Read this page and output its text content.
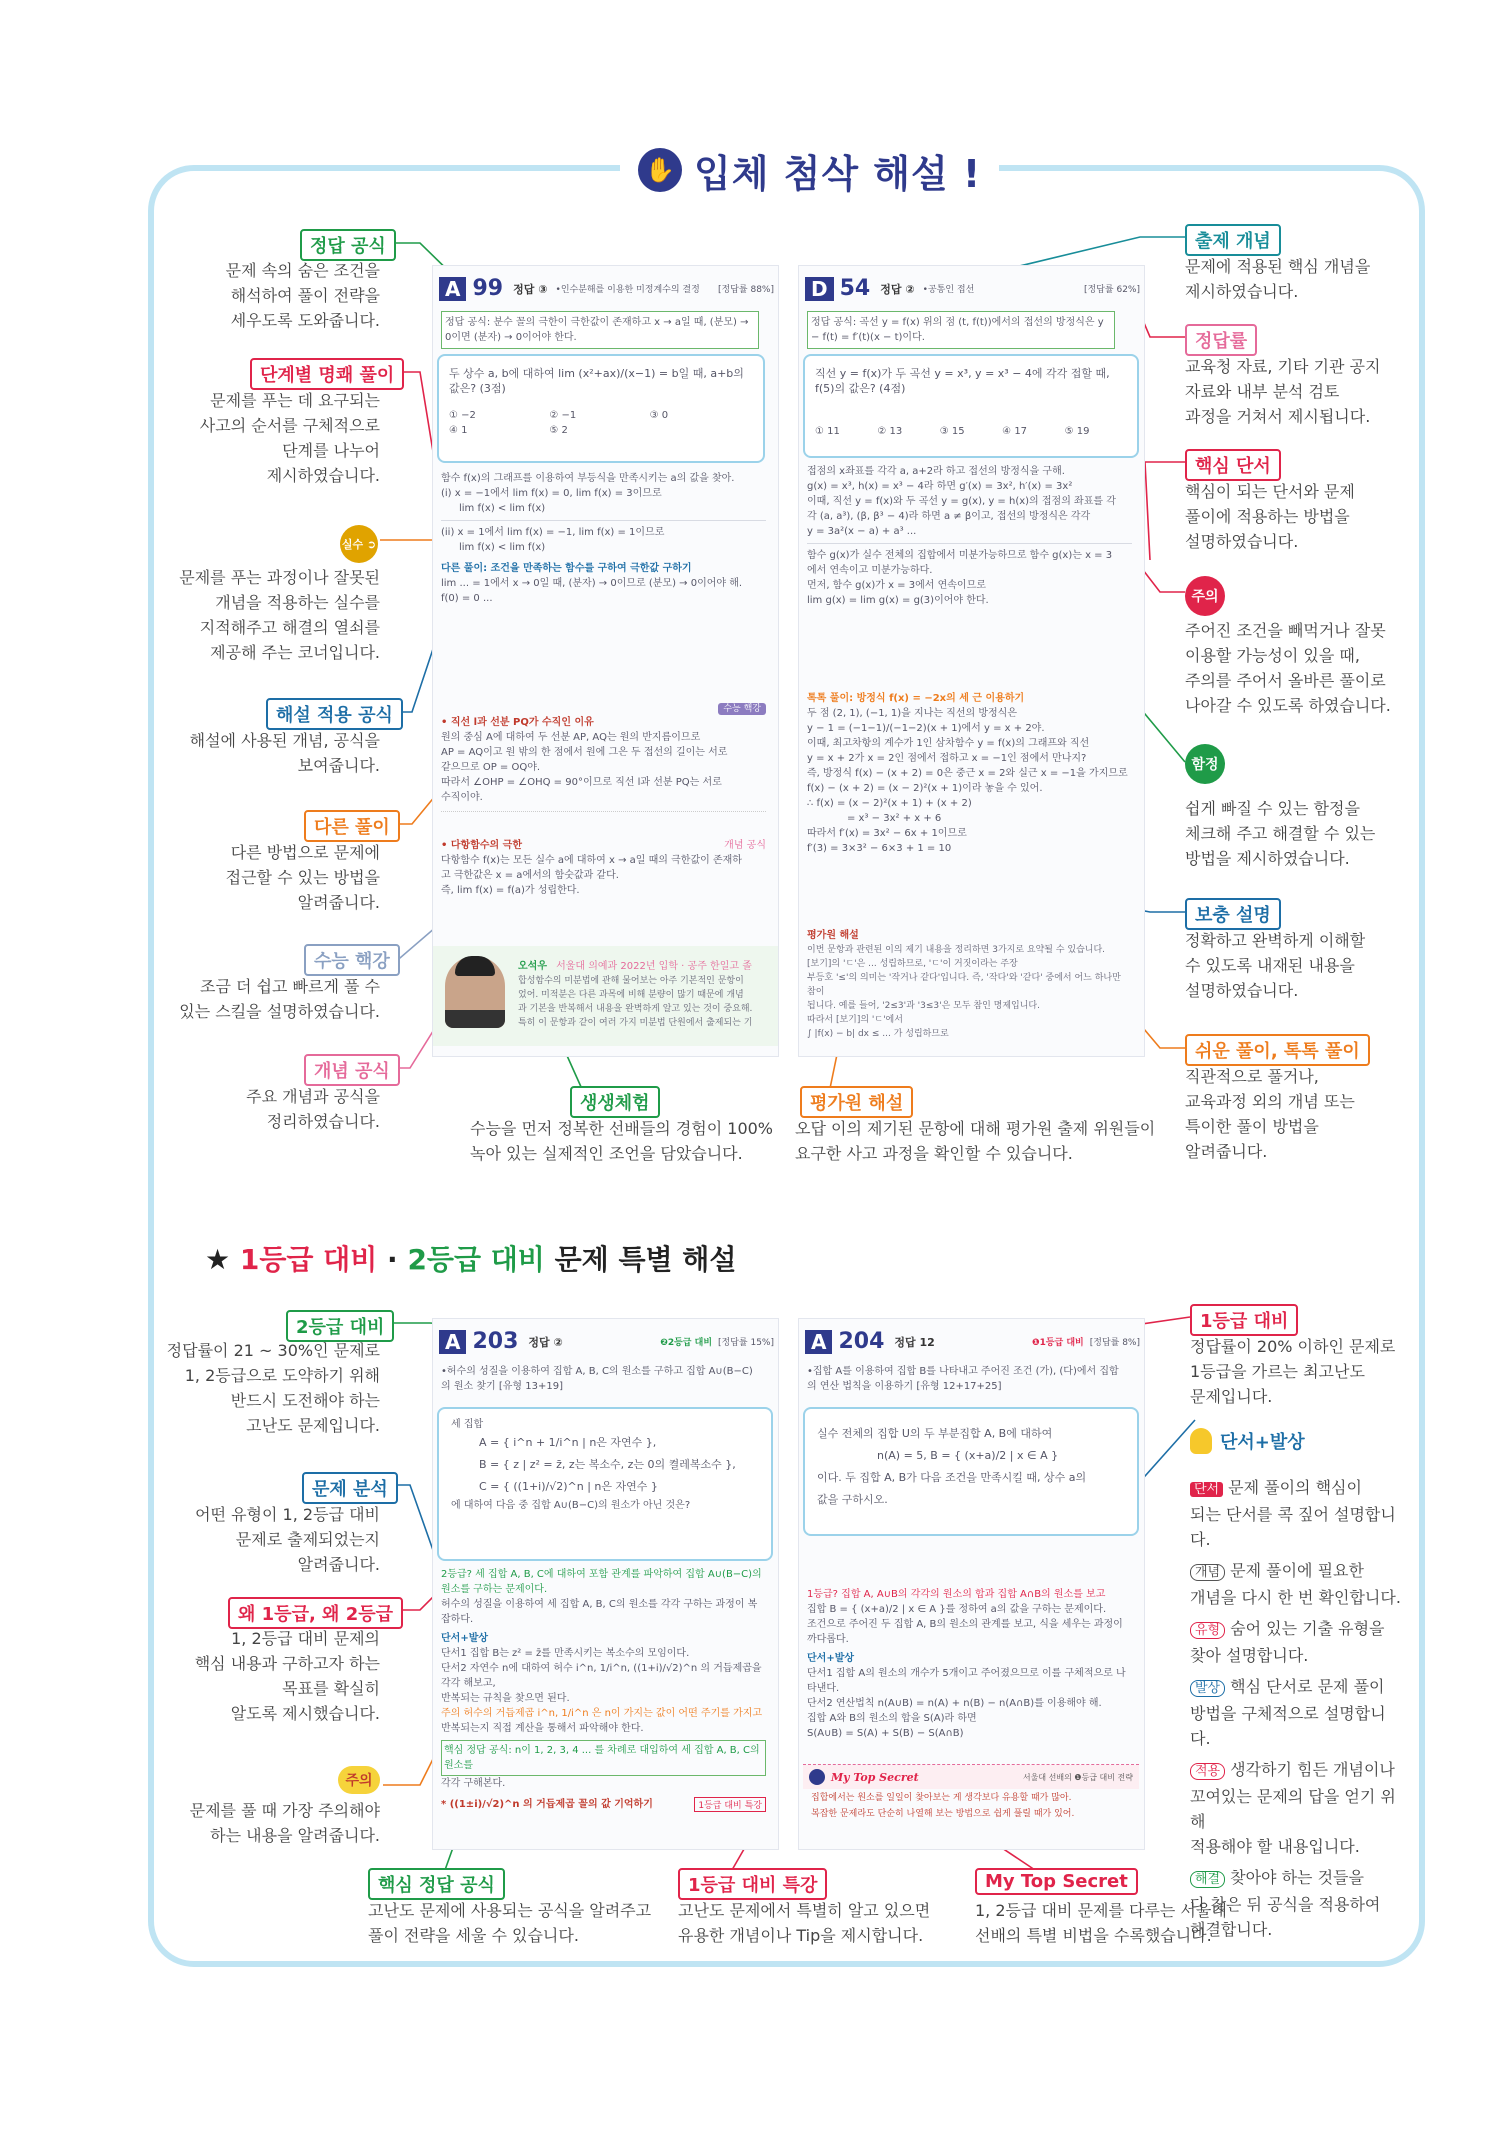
✋ 입체 첨삭 해설 !
정답 공식
문제 속의 숨은 조건을
해석하여 풀이 전략을
세우도록 도와줍니다.
단계별 명쾌 풀이
문제를 푸는 데 요구되는
사고의 순서를 구체적으로
단계를 나누어
제시하였습니다.
실수 ➲
문제를 푸는 과정이나 잘못된
개념을 적용하는 실수를
지적해주고 해결의 열쇠를
제공해 주는 코너입니다.
해설 적용 공식
해설에 사용된 개념, 공식을
보여줍니다.
다른 풀이
다른 방법으로 문제에
접근할 수 있는 방법을
알려줍니다.
수능 핵강
조금 더 쉽고 빠르게 풀 수
있는 스킬을 설명하였습니다.
개념 공식
주요 개념과 공식을
정리하였습니다.
출제 개념
문제에 적용된 핵심 개념을
제시하였습니다.
정답률
교육청 자료, 기타 기관 공지
자료와 내부 분석 검토
과정을 거쳐서 제시됩니다.
핵심 단서
핵심이 되는 단서와 문제
풀이에 적용하는 방법을
설명하였습니다.
주의
주어진 조건을 빼먹거나 잘못
이용할 가능성이 있을 때,
주의를 주어서 올바른 풀이로
나아갈 수 있도록 하였습니다.
함정
쉽게 빠질 수 있는 함정을
체크해 주고 해결할 수 있는
방법을 제시하였습니다.
보충 설명
정확하고 완벽하게 이해할
수 있도록 내재된 내용을
설명하였습니다.
쉬운 풀이, 톡톡 풀이
직관적으로 풀거나,
교육과정 외의 개념 또는
특이한 풀이 방법을
알려줍니다.
생생체험
수능을 먼저 정복한 선배들의 경험이 100%
녹아 있는 실제적인 조언을 담았습니다.
평가원 해설
오답 이의 제기된 문항에 대해 평가원 출제 위원들이
요구한 사고 과정을 확인할 수 있습니다.
A 99 정답 ③ •인수분해를 이용한 미정계수의 결정 [정답률 88%]
정답 공식: 분수 꼴의 극한이 극한값이 존재하고 x → a일 때, (분모) → 0이면 (분자) → 0이어야 한다.
두 상수 a, b에 대하여 lim (x²+ax)/(x−1) = b일 때, a+b의 값은? (3점)
① −2	② −1	③ 0
④ 1	⑤ 2
함수 f(x)의 그래프를 이용하여 부등식을 만족시키는 a의 값을 찾아.
(i) x = −1에서 lim f(x) = 0, lim f(x) = 3이므로
lim f(x) < lim f(x)
(ii) x = 1에서 lim f(x) = −1, lim f(x) = 1이므로
lim f(x) < lim f(x)
다른 풀이: 조건을 만족하는 함수를 구하여 극한값 구하기
lim ... = 1에서 x → 0일 때, (분자) → 0이므로 (분모) → 0이어야 해.
f(0) = 0 ...
수능 핵강
• 직선 l과 선분 PQ가 수직인 이유
원의 중심 A에 대하여 두 선분 AP, AQ는 원의 반지름이므로
AP = AQ이고 원 밖의 한 점에서 원에 그은 두 접선의 길이는 서로
같으므로 OP = OQ야.
따라서 ∠OHP = ∠OHQ = 90°이므로 직선 l과 선분 PQ는 서로
수직이야.
• 다항함수의 극한	개념 공식
다항함수 f(x)는 모든 실수 a에 대하여 x → a일 때의 극한값이 존재하
고 극한값은 x = a에서의 함숫값과 같다.
즉, lim f(x) = f(a)가 성립한다.
오석우 서울대 의예과 2022년 입학 · 공주 한일고 졸
합성함수의 미분법에 관해 물어보는 아주 기본적인 문항이
었어. 미적분은 다른 과목에 비해 분량이 많기 때문에 개념
과 기본을 반복해서 내용을 완벽하게 알고 있는 것이 중요해.
특히 이 문항과 같이 여러 가지 미분법 단원에서 출제되는 기
D 54 정답 ② •공통인 접선	[정답률 62%]
정답 공식: 곡선 y = f(x) 위의 점 (t, f(t))에서의 접선의 방정식은 y − f(t) = f′(t)(x − t)이다.
직선 y = f(x)가 두 곡선 y = x³, y = x³ − 4에 각각 접할 때, f(5)의 값은? (4점)
① 11	② 13	③ 15	④ 17	⑤ 19
접점의 x좌표를 각각 a, a+2라 하고 접선의 방정식을 구해.
g(x) = x³, h(x) = x³ − 4라 하면 g′(x) = 3x², h′(x) = 3x²
이때, 직선 y = f(x)와 두 곡선 y = g(x), y = h(x)의 접점의 좌표를 각
각 (a, a³), (β, β³ − 4)라 하면 a ≠ β이고, 접선의 방정식은 각각
y = 3a²(x − a) + a³ ...
함수 g(x)가 실수 전체의 집합에서 미분가능하므로 함수 g(x)는 x = 3
에서 연속이고 미분가능하다.
먼저, 함수 g(x)가 x = 3에서 연속이므로
lim g(x) = lim g(x) = g(3)이어야 한다.
톡톡 풀이: 방정식 f(x) = −2x의 세 근 이용하기
두 점 (2, 1), (−1, 1)을 지나는 직선의 방정식은
y − 1 = (−1−1)/(−1−2)(x + 1)에서 y = x + 2야.
이때, 최고차항의 계수가 1인 삼차함수 y = f(x)의 그래프와 직선
y = x + 2가 x = 2인 점에서 접하고 x = −1인 점에서 만나지?
즉, 방정식 f(x) − (x + 2) = 0은 중근 x = 2와 실근 x = −1을 가지므로
f(x) − (x + 2) = (x − 2)²(x + 1)이라 놓을 수 있어.
∴ f(x) = (x − 2)²(x + 1) + (x + 2)
= x³ − 3x² + x + 6
따라서 f′(x) = 3x² − 6x + 1이므로
f′(3) = 3×3² − 6×3 + 1 = 10
평가원 해설
이번 문항과 관련된 이의 제기 내용을 정리하면 3가지로 요약될 수 있습니다.
[보기]의 'ㄷ'은 ... 성립하므로, 'ㄷ'이 거짓이라는 주장
부등호 '≤'의 의미는 '작거나 같다'입니다. 즉, '작다'와 '같다' 중에서 어느 하나만 참이
됩니다. 예를 들어, '2≤3'과 '3≤3'은 모두 참인 명제입니다.
따라서 [보기]의 'ㄷ'에서
∫ |f(x) − b| dx ≤ ... 가 성립하므로
★ 1등급 대비 · 2등급 대비 문제 특별 해설
2등급 대비
정답률이 21 ~ 30%인 문제로
1, 2등급으로 도약하기 위해
반드시 도전해야 하는
고난도 문제입니다.
문제 분석
어떤 유형이 1, 2등급 대비
문제로 출제되었는지
알려줍니다.
왜 1등급, 왜 2등급
1, 2등급 대비 문제의
핵심 내용과 구하고자 하는
목표를 확실히
알도록 제시했습니다.
주의
문제를 풀 때 가장 주의해야
하는 내용을 알려줍니다.
1등급 대비
정답률이 20% 이하인 문제로
1등급을 가르는 최고난도
문제입니다.
단서+발상
단서 문제 풀이의 핵심이
되는 단서를 콕 짚어 설명합니다.
개념 문제 풀이에 필요한
개념을 다시 한 번 확인합니다.
유형 숨어 있는 기출 유형을
찾아 설명합니다.
발상 핵심 단서로 문제 풀이
방법을 구체적으로 설명합니다.
적용 생각하기 힘든 개념이나
꼬여있는 문제의 답을 얻기 위해
적용해야 할 내용입니다.
해결 찾아야 하는 것들을
다 찾은 뒤 공식을 적용하여
해결합니다.
핵심 정답 공식
고난도 문제에 사용되는 공식을 알려주고
풀이 전략을 세울 수 있습니다.
1등급 대비 특강
고난도 문제에서 특별히 알고 있으면
유용한 개념이나 Tip을 제시합니다.
My Top Secret
1, 2등급 대비 문제를 다루는 서울대
선배의 특별 비법을 수록했습니다.
A 203 정답 ②	❷2등급 대비 [정답률 15%]
•허수의 성질을 이용하여 집합 A, B, C의 원소를 구하고 집합 A∪(B−C)의 원소 찾기 [유형 13+19]
세 집합
A = { i^n + 1/i^n | n은 자연수 },
B = { z | z² = z̄, z는 복소수, z는 0의 켤레복소수 },
C = { ((1+i)/√2)^n | n은 자연수 }
에 대하여 다음 중 집합 A∪(B−C)의 원소가 아닌 것은?
2등급? 세 집합 A, B, C에 대하여 포함 관계를 파악하여 집합 A∪(B−C)의 원소를 구하는 문제이다.
허수의 성질을 이용하여 세 집합 A, B, C의 원소를 각각 구하는 과정이 복잡하다.
단서+발상
단서1 집합 B는 z² = z̄를 만족시키는 복소수의 모임이다.
단서2 자연수 n에 대하여 허수 i^n, 1/i^n, ((1+i)/√2)^n 의 거듭제곱을 각각 해보고,
반복되는 규칙을 찾으면 된다.
주의 허수의 거듭제곱 i^n, 1/i^n 은 n이 가지는 값이 어떤 주기를 가지고
반복되는지 직접 계산을 통해서 파악해야 한다.
핵심 정답 공식: n이 1, 2, 3, 4 ... 를 차례로 대입하여 세 집합 A, B, C의 원소를
각각 구해본다.
* ((1±i)/√2)^n 의 거듭제곱 꼴의 값 기억하기	1등급 대비 특강
A 204 정답 12	❶1등급 대비 [정답률 8%]
•집합 A를 이용하여 집합 B를 나타내고 주어진 조건 (가), (다)에서 집합의 연산 법칙을 이용하기 [유형 12+17+25]
실수 전체의 집합 U의 두 부분집합 A, B에 대하여
n(A) = 5, B = { (x+a)/2 | x ∈ A }
이다. 두 집합 A, B가 다음 조건을 만족시킬 때, 상수 a의
값을 구하시오.
1등급? 집합 A, A∪B의 각각의 원소의 합과 집합 A∩B의 원소를 보고
집합 B = { (x+a)/2 | x ∈ A }를 정하여 a의 값을 구하는 문제이다.
조건으로 주어진 두 집합 A, B의 원소의 관계를 보고, 식을 세우는 과정이 까다롭다.
단서+발상
단서1 집합 A의 원소의 개수가 5개이고 주어졌으므로 이를 구체적으로 나타낸다.
단서2 연산법칙 n(A∪B) = n(A) + n(B) − n(A∩B)를 이용해야 해.
집합 A와 B의 원소의 합을 S(A)라 하면
S(A∪B) = S(A) + S(B) − S(A∩B)
My Top Secret	서울대 선배의 ❶등급 대비 전략
집합에서는 원소를 일일이 찾아보는 게 생각보다 유용할 때가 많아.
복잡한 문제라도 단순히 나열해 보는 방법으로 쉽게 풀릴 때가 있어.
